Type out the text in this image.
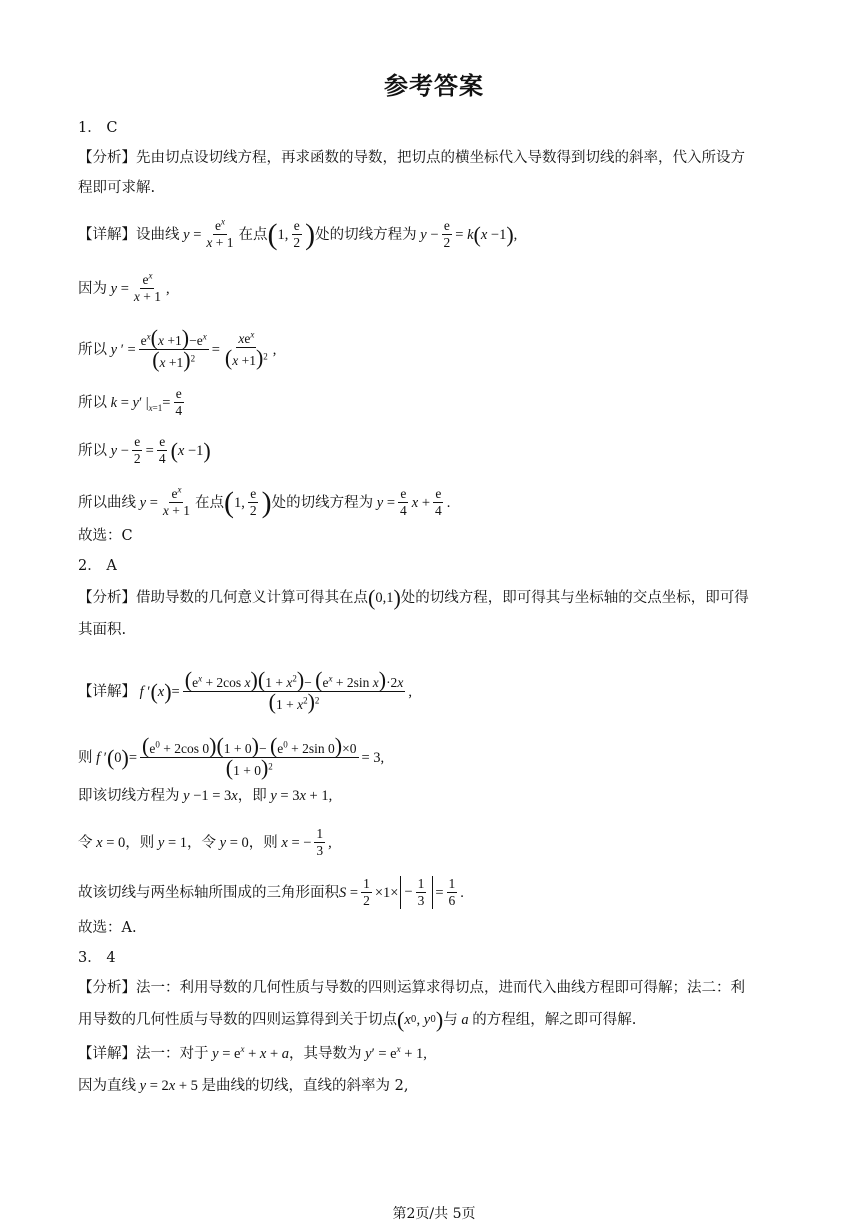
参考答案
1． C
【分析】先由切点设切线方程，再求函数的导数，把切点的横坐标代入导数得到切线的斜率，代入所设方
程即可求解.
【详解】设曲线 $y = \frac{e^x}{x + 1}$ 在点 ( 1, $\frac{e}{2}$ ) 处的切线方程为 $y - \frac{e}{2} = k$ ( x −1 ) ,
因为 $y = \frac{e^x}{x + 1}$ ,
所以 y ′ = $\frac{e^x(x +1)-e^x}{(x +1)^2} = \frac{xe^x}{(x +1)^2}$ ,
所以 k = y ′ $|_{x=1}= \frac{e}{4}$
所以 $y - \frac{e}{2} = \frac{e}{4}$ ( x −1 )
所以曲线 $y = \frac{e^x}{x + 1}$ 在点 ( 1, $\frac{e}{2}$ ) 处的切线方程为 $y = \frac{e}{4}$ $x + \frac{e}{4}$ .
故选：C
2． A
【分析】借助导数的几何意义计算可得其在点 ( 0,1 ) 处的切线方程，即可得其与坐标轴的交点坐标，即可得
其面积.
【详解】 f ′ ( x ) = $\frac{(e^x + 2\cos x)(1 + x^2)- (e^x + 2\sin x)\cdot 2x}{(1 + x^2)^2}$ ,
则 f ′ ( 0 ) = $\frac{(e^0 + 2\cos 0)(1 + 0)- (e^0 + 2\sin 0)\times 0}{(1 + 0)^2} = 3$,
即该切线方程为 y −1 = 3 x ，即 y = 3 x + 1,
令 x = 0 ，则 y = 1 ，令 y = 0 ，则 x = − $\frac{1}{3}$ ,
故该切线与两坐标轴所围成的三角形面积 $S = \frac{1}{2} \times 1\times - \frac{1}{3} = \frac{1}{6}$ .
故选：A.
3． 4
【分析】法一：利用导数的几何性质与导数的四则运算求得切点，进而代入曲线方程即可得解；法二：利
用导数的几何性质与导数的四则运算得到关于切点 ( x 0 , y 0 ) 与 a 的方程组，解之即可得解.
【详解】法一：对于 $y = e^x + x + a$ ，其导数为 y ′ = $e^x + 1$,
因为直线 y = 2 x + 5 是曲线的切线，直线的斜率为 2,
第2页/共 5页
